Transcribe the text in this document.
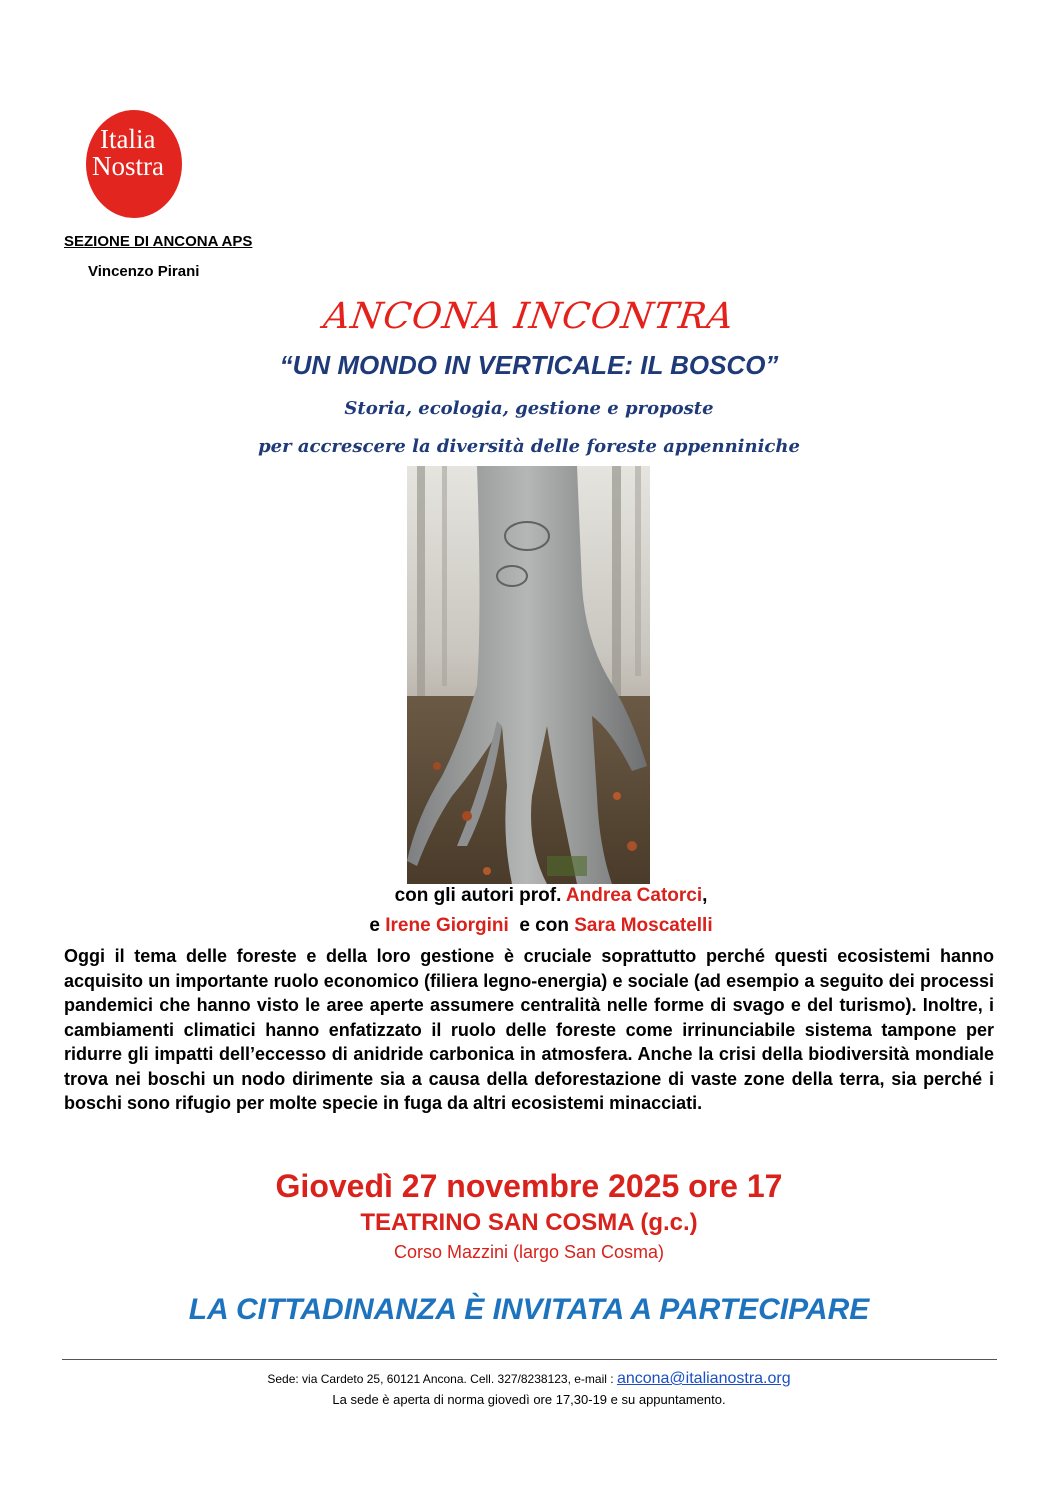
Italia
Nostra
SEZIONE DI ANCONA APS
Vincenzo Pirani
ANCONA INCONTRA
“UN MONDO IN VERTICALE: IL BOSCO”
Storia, ecologia, gestione e proposte
per accrescere la diversità delle foreste appenniniche
con gli autori prof. Andrea Catorci,
e Irene Giorgini  e con Sara Moscatelli
Oggi il tema delle foreste e della loro gestione è cruciale soprattutto perché questi ecosistemi hanno acquisito un importante ruolo economico (filiera legno-energia) e sociale (ad esempio a seguito dei processi pandemici che hanno visto le aree aperte assumere centralità nelle forme di svago e del turismo). Inoltre, i cambiamenti climatici hanno enfatizzato il ruolo delle foreste come irrinunciabile sistema tampone per ridurre gli impatti dell’eccesso di anidride carbonica in atmosfera. Anche la crisi della biodiversità mondiale trova nei boschi un nodo dirimente sia a causa della deforestazione di vaste zone della terra, sia perché i boschi sono rifugio per molte specie in fuga da altri ecosistemi minacciati.
Giovedì 27 novembre 2025 ore 17
TEATRINO SAN COSMA (g.c.)
Corso Mazzini (largo San Cosma)
LA CITTADINANZA È INVITATA A PARTECIPARE
Sede: via Cardeto 25, 60121 Ancona. Cell. 327/8238123, e-mail : ancona@italianostra.org
La sede è aperta di norma giovedì ore 17,30-19 e su appuntamento.
